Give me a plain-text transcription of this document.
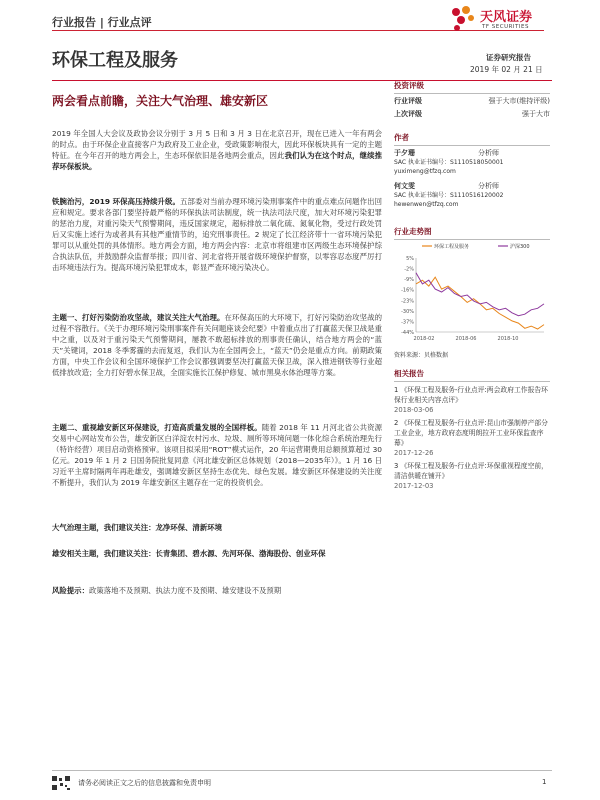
行业报告 | 行业点评	天风证券
TF SECURITIES
环保工程及服务	证券研究报告
2019 年 02 月 21 日
两会看点前瞻，关注大气治理、雄安新区
投资评级
行业评级	强于大市(维持评级)
上次评级	强于大市
作者
于夕珊	分析师
SAC 执业证书编号：S1110518050001
yuximeng@tfzq.com
何文雯	分析师
SAC 执业证书编号：S1110516120002
hewenwen@tfzq.com
行业走势图
环保工程及服务	沪深300
5%
-2%
-9%
-16%
-23%
-30%
-37%
-44%
2018-02	2018-06	2018-10
资料来源：贝格数据
相关报告
1 《环保工程及服务-行业点评:两会政府工作报告环保行业相关内容点评》
2018-03-06
2 《环保工程及服务-行业点评:昆山市强制停产部分工业企业，地方政府态度明朗拉开工业环保监查序幕》
2017-12-26
3 《环保工程及服务-行业点评:环保重视程度空前，清洁供暖在铺开》
2017-12-03
2019 年全国人大会议及政协会议分别于 3 月 5 日和 3 月 3 日在北京召开，现在已进入一年有两会的时点。由于环保企业直接客户为政府及工业企业，受政策影响很大，因此环保板块具有一定的主题特征。在今年召开的地方两会上，生态环保依旧是各地两会重点，因此我们认为在这个时点，继续推荐环保板块。
铁腕治污，2019 环保高压持续升级。五部委对当前办理环境污染刑事案件中的重点难点问题作出回应和规定。要求各部门要坚持最严格的环保执法司法制度，统一执法司法尺度，加大对环境污染犯罪的惩治力度，对重污染天气预警期间，违反国家规定，超标排放二氧化硫、氮氧化物，受过行政处罚后又实施上述行为或者具有其他严重情节的，追究刑事责任。2 规定了长江经济带十一省环境污染犯罪可以从重处罚的具体情形。地方两会方面，地方两会内容：北京市将组建市区两级生态环境保护综合执法队伍，并鼓励群众监督举报；四川省、河北省将开展省级环境保护督察，以零容忍态度严厉打击环境违法行为。提高环境污染犯罪成本，彰显严查环境污染决心。
主题一、打好污染防治攻坚战，建议关注大气治理。在环保高压的大环境下，打好污染防治攻坚战的过程不容散行。《关于办理环境污染刑事案件有关问题座谈会纪要》中着重点出了打赢蓝天保卫战是重中之重，以及对于重污染天气预警期间，屡教不敢超标排放的刑事责任确认，结合地方两会的“蓝天”关键词，2018 冬季雾霾的去而复返，我们认为在全国两会上，“蓝天”仍会是重点方向。前期政策方面，中央工作会议和全国环境保护工作会议都强调要坚决打赢蓝天保卫战，深入推进钢铁等行业超低排放改造；全力打好碧水保卫战，全面实施长江保护修复、城市黑臭水体治理等方案。
主题二、重视雄安新区环保建设，打造高质量发展的全国样板。随着 2018 年 11 月河北省公共资源交易中心网站发布公告，雄安新区白洋淀农村污水、垃圾、厕所等环境问题一体化综合系统治理先行（特许经营）项目启动资格预审。该项目拟采用“ROT”模式运作，20 年运营期费用总额预算超过 30 亿元。2019 年 1 月 2 日国务院批复同意《河北雄安新区总体规划（2018—2035年）》。1 月 16 日习近平主席时隔两年再赴雄安，强调雄安新区坚持生态优先、绿色发展。雄安新区环保建设的关注度不断提升，我们认为 2019 年雄安新区主题存在一定的投资机会。
大气治理主题，我们建议关注：龙净环保、清新环境
雄安相关主题，我们建议关注：长青集团、碧水源、先河环保、渤海股份、创业环保
风险提示：政策落地不及预期、执法力度不及预期、雄安建设不及预期
请务必阅读正文之后的信息披露和免责申明	1
